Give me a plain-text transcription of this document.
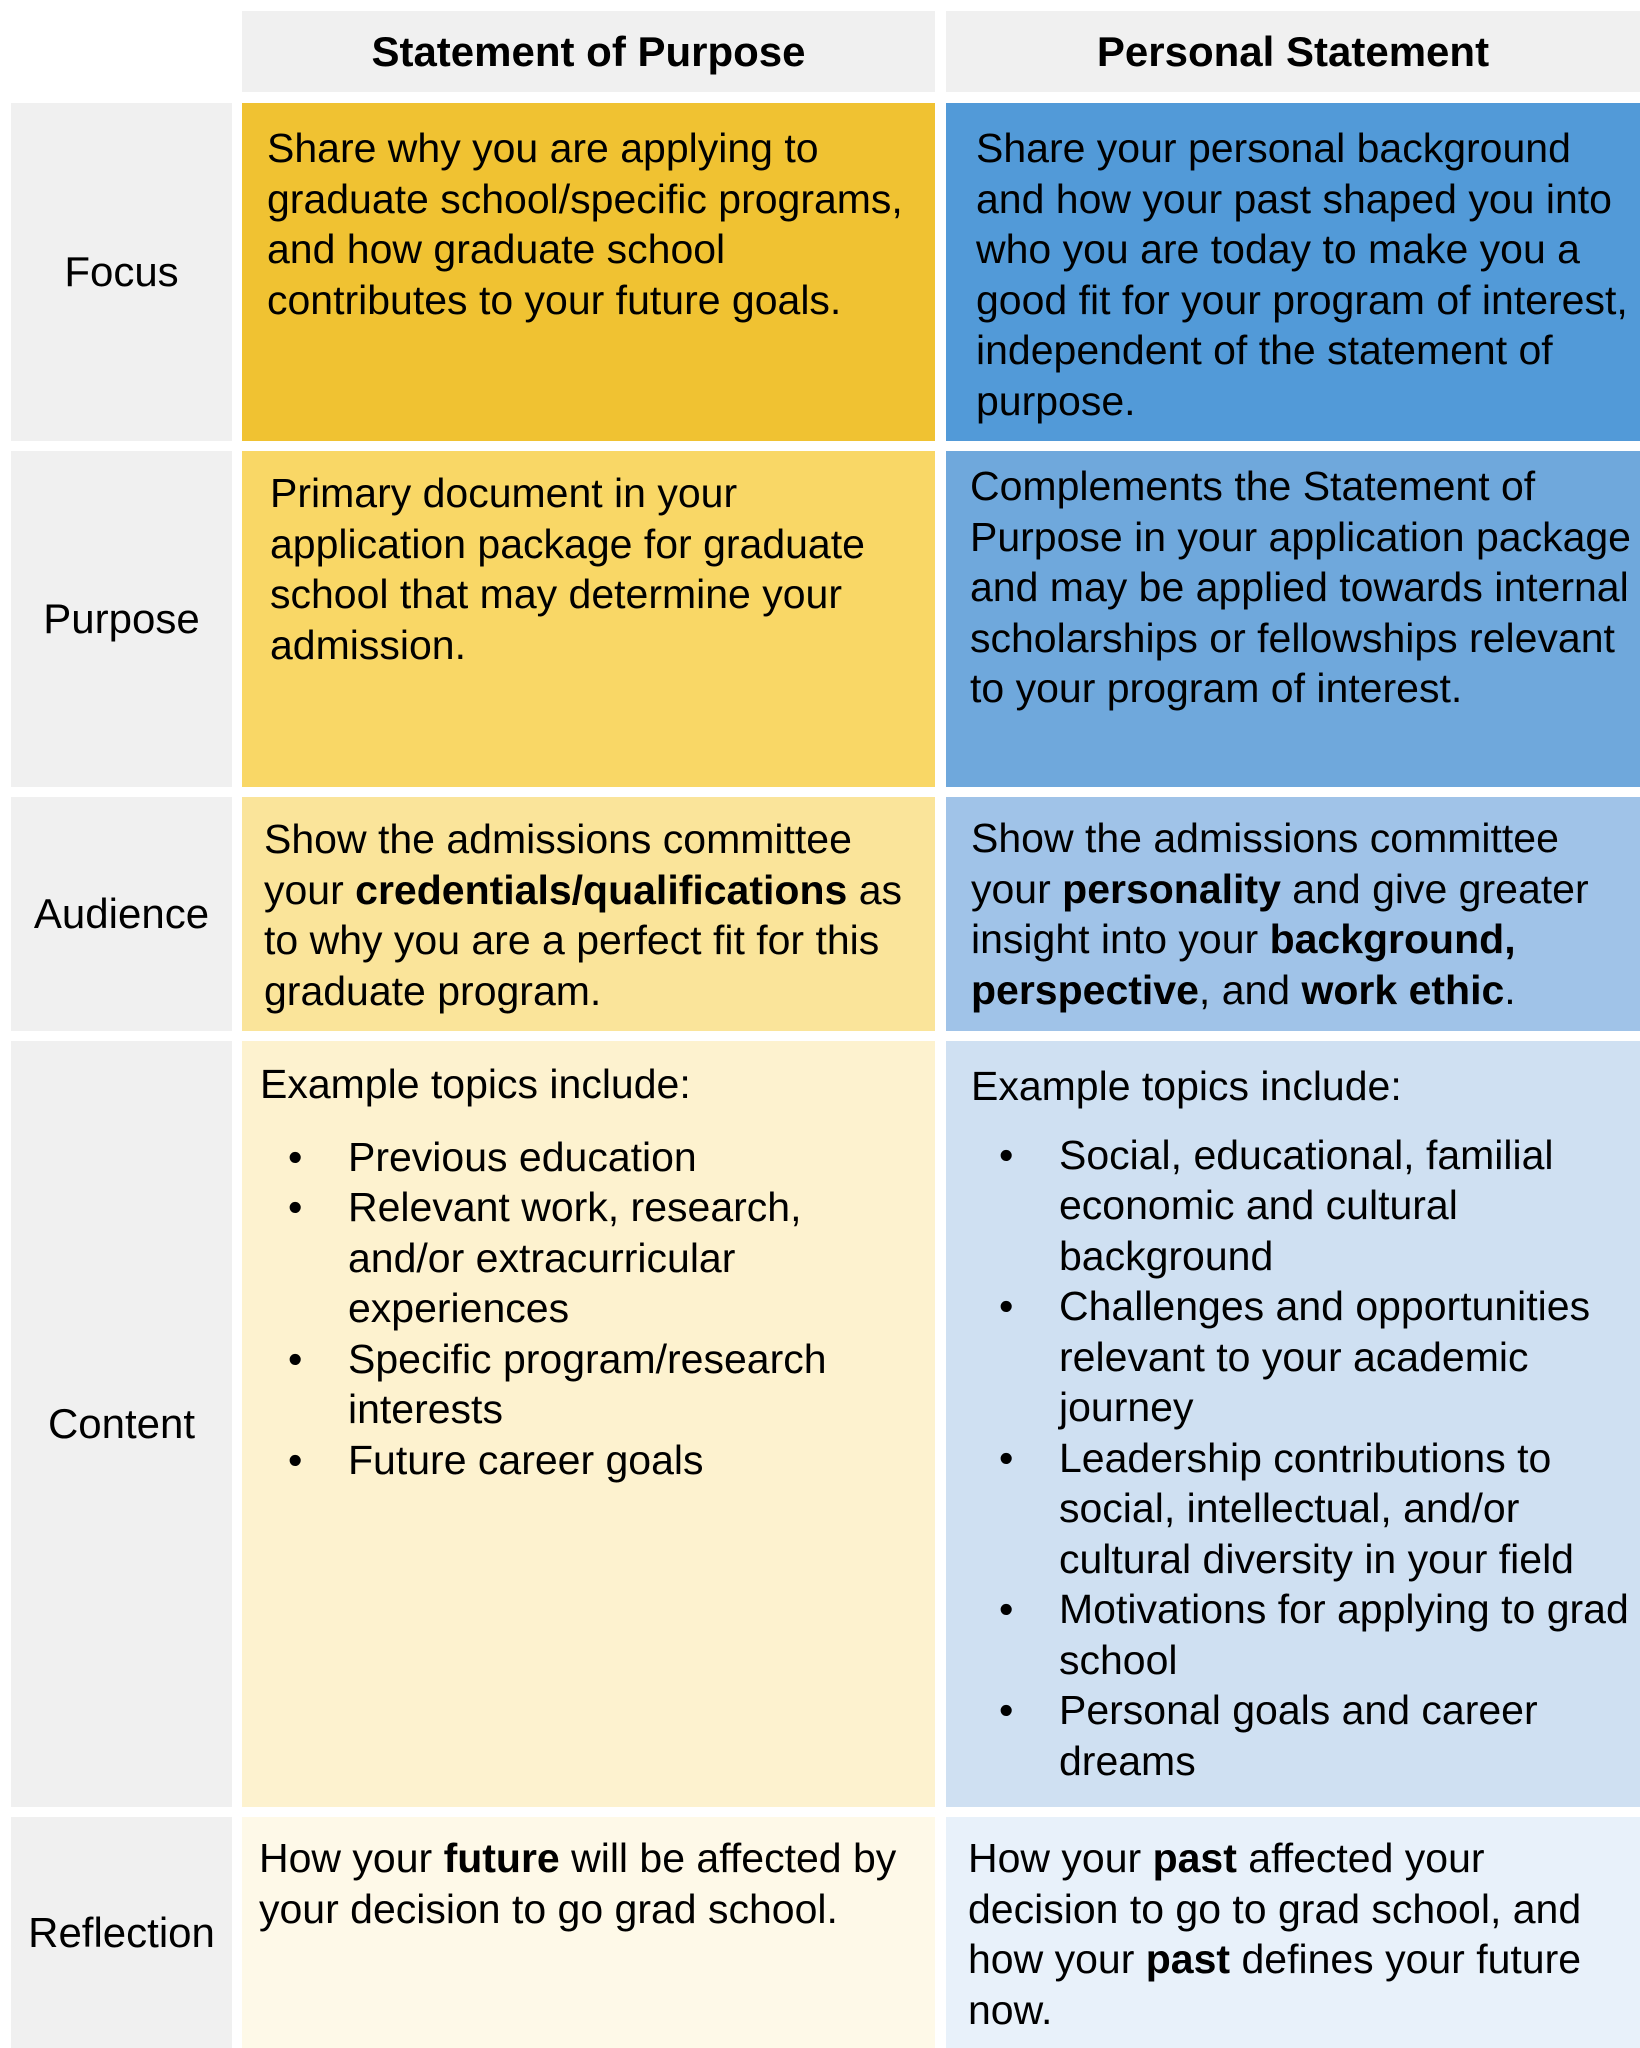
Statement of Purpose	Personal Statement
Focus

Share why you are applying to graduate school/specific programs, and how graduate school contributes to your future goals.

Share your personal background and how your past shaped you into who you are today to make you a good fit for your program of interest, independent of the statement of purpose.

Purpose

Primary document in your application package for graduate school that may determine your admission.

Complements the Statement of Purpose in your application package and may be applied towards internal scholarships or fellowships relevant to your program of interest.

Audience

Show the admissions committee your credentials/qualifications as to why you are a perfect fit for this graduate program.

Show the admissions committee your personality and give greater insight into your background, perspective, and work ethic.

Content

Example topics include:

• Previous education
• Relevant work, research, and/or extracurricular experiences
• Specific program/research interests
• Future career goals

Example topics include:

• Social, educational, familial economic and cultural background
• Challenges and opportunities relevant to your academic journey
• Leadership contributions to social, intellectual, and/or cultural diversity in your field
• Motivations for applying to grad school
• Personal goals and career dreams
Reflection

How your future will be affected by your decision to go grad school.

How your past affected your decision to go to grad school, and how your past defines your future now.
